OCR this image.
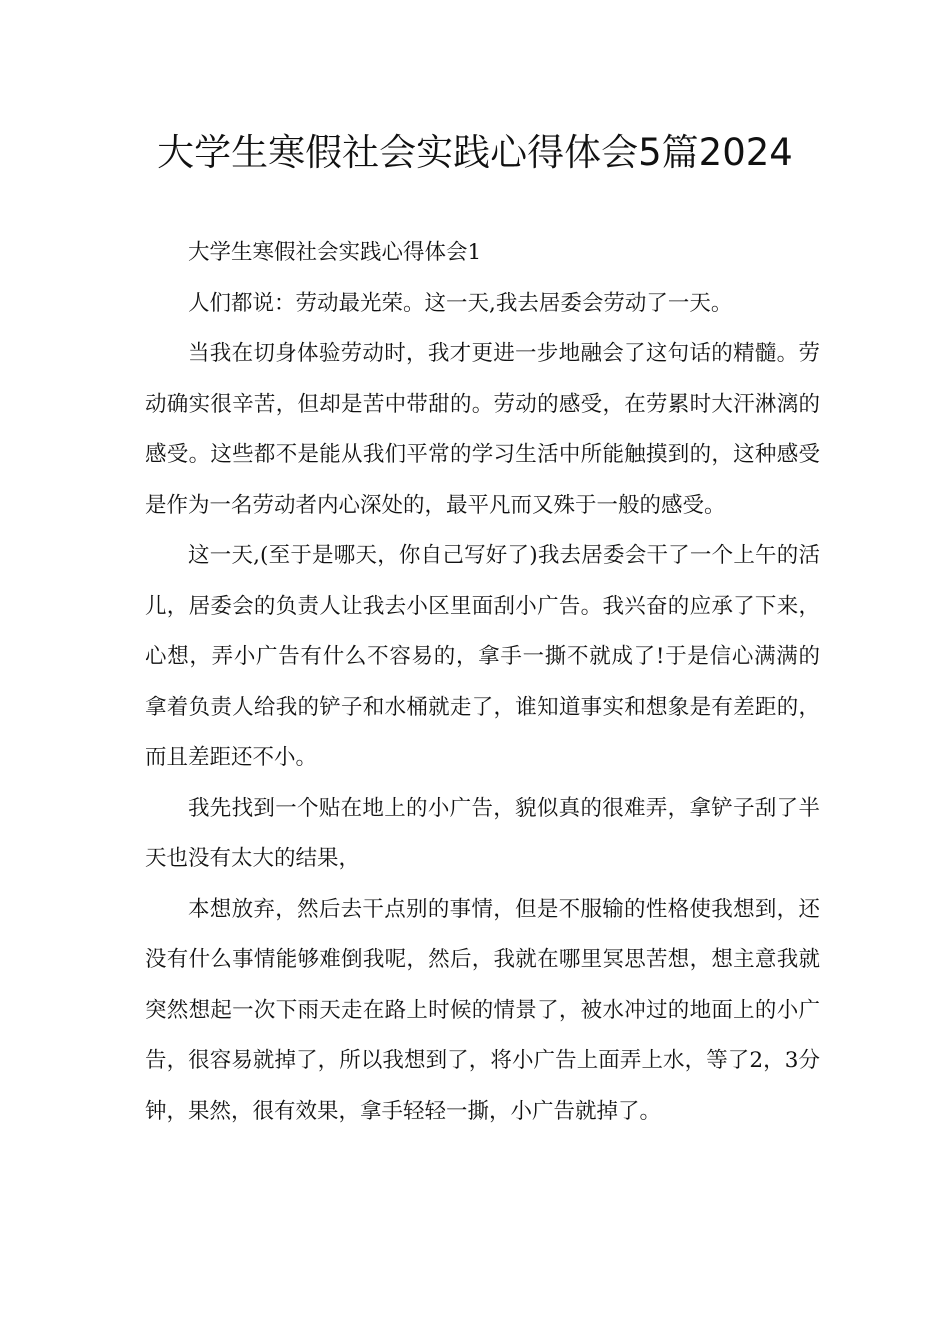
大学生寒假社会实践心得体会5篇2024

大学生寒假社会实践心得体会1

人们都说：劳动最光荣。这一天,我去居委会劳动了一天。

当我在切身体验劳动时，我才更进一步地融会了这句话的精髓。劳动确实很辛苦，但却是苦中带甜的。劳动的感受，在劳累时大汗淋漓的感受。这些都不是能从我们平常的学习生活中所能触摸到的，这种感受是作为一名劳动者内心深处的，最平凡而又殊于一般的感受。

这一天,(至于是哪天，你自己写好了)我去居委会干了一个上午的活儿，居委会的负责人让我去小区里面刮小广告。我兴奋的应承了下来，心想，弄小广告有什么不容易的，拿手一撕不就成了!于是信心满满的拿着负责人给我的铲子和水桶就走了，谁知道事实和想象是有差距的，而且差距还不小。

我先找到一个贴在地上的小广告，貌似真的很难弄，拿铲子刮了半天也没有太大的结果，

本想放弃，然后去干点别的事情，但是不服输的性格使我想到，还没有什么事情能够难倒我呢，然后，我就在哪里冥思苦想，想主意我就突然想起一次下雨天走在路上时候的情景了，被水冲过的地面上的小广告，很容易就掉了，所以我想到了，将小广告上面弄上水，等了2，3分钟，果然，很有效果，拿手轻轻一撕，小广告就掉了。
